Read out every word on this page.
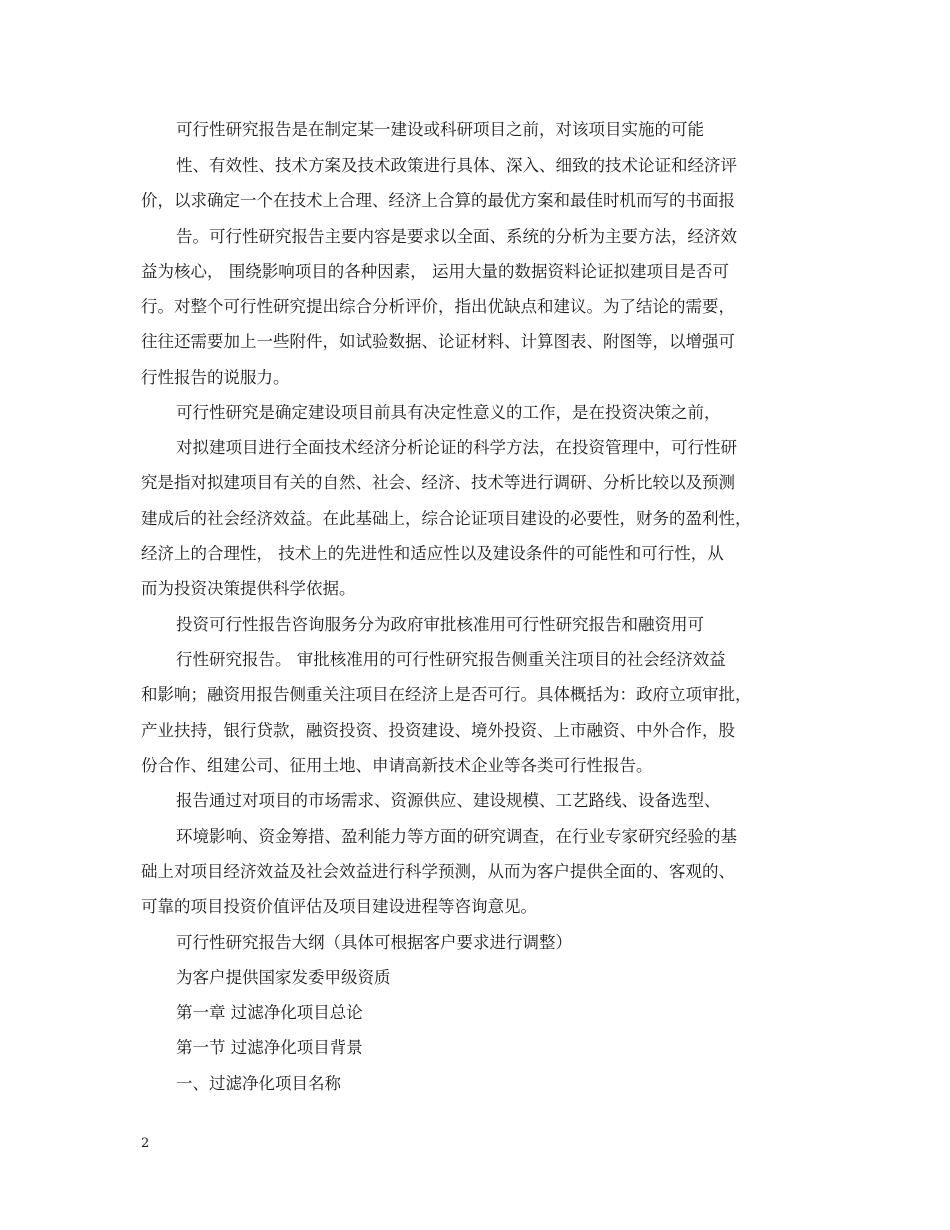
可行性研究报告是在制定某一建设或科研项目之前，对该项目实施的可能
性、有效性、技术方案及技术政策进行具体、深入、细致的技术论证和经济评
价，以求确定一个在技术上合理、经济上合算的最优方案和最佳时机而写的书面报
告。可行性研究报告主要内容是要求以全面、系统的分析为主要方法，经济效
益为核心， 围绕影响项目的各种因素， 运用大量的数据资料论证拟建项目是否可
行。对整个可行性研究提出综合分析评价，指出优缺点和建议。为了结论的需要，
往往还需要加上一些附件，如试验数据、论证材料、计算图表、附图等，以增强可
行性报告的说服力。
可行性研究是确定建设项目前具有决定性意义的工作，是在投资决策之前，
对拟建项目进行全面技术经济分析论证的科学方法，在投资管理中，可行性研
究是指对拟建项目有关的自然、社会、经济、技术等进行调研、分析比较以及预测
建成后的社会经济效益。在此基础上，综合论证项目建设的必要性，财务的盈利性，
经济上的合理性， 技术上的先进性和适应性以及建设条件的可能性和可行性，从
而为投资决策提供科学依据。
投资可行性报告咨询服务分为政府审批核准用可行性研究报告和融资用可
行性研究报告。 审批核准用的可行性研究报告侧重关注项目的社会经济效益
和影响；融资用报告侧重关注项目在经济上是否可行。具体概括为：政府立项审批，
产业扶持，银行贷款，融资投资、投资建设、境外投资、上市融资、中外合作，股
份合作、组建公司、征用土地、申请高新技术企业等各类可行性报告。
报告通过对项目的市场需求、资源供应、建设规模、工艺路线、设备选型、
环境影响、资金筹措、盈利能力等方面的研究调查，在行业专家研究经验的基
础上对项目经济效益及社会效益进行科学预测，从而为客户提供全面的、客观的、
可靠的项目投资价值评估及项目建设进程等咨询意见。
可行性研究报告大纲（具体可根据客户要求进行调整）
为客户提供国家发委甲级资质
第一章 过滤净化项目总论
第一节 过滤净化项目背景
一、过滤净化项目名称
2
